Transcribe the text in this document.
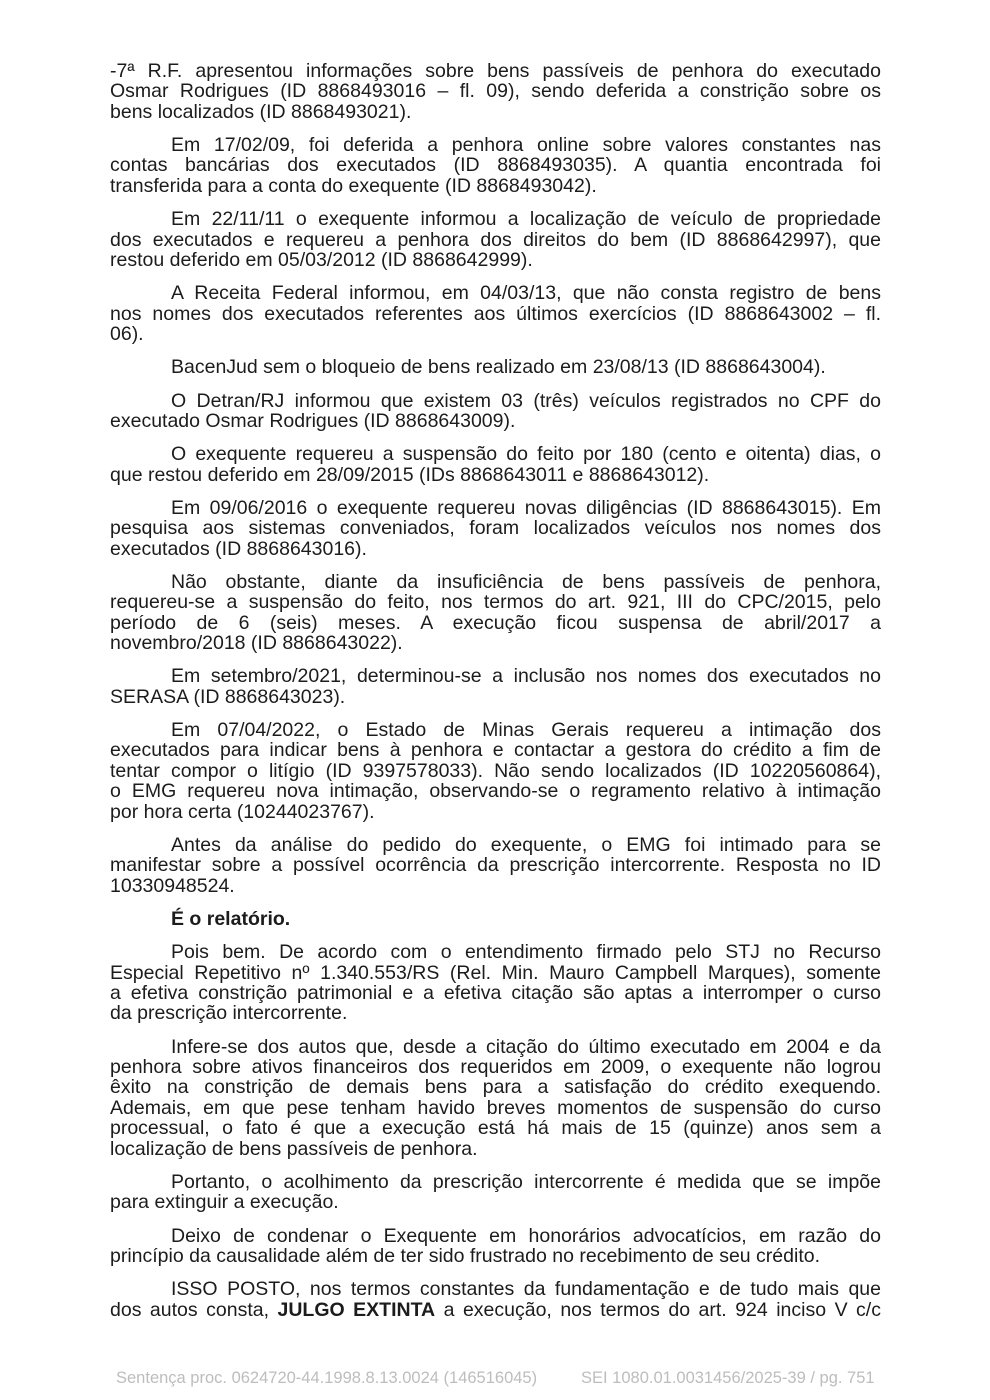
-7ª R.F. apresentou informações sobre bens passíveis de penhora do executado
Osmar Rodrigues (ID 8868493016 – fl. 09), sendo deferida a constrição sobre os
bens localizados (ID 8868493021).
Em 17/02/09, foi deferida a penhora online sobre valores constantes nas
contas bancárias dos executados (ID 8868493035). A quantia encontrada foi
transferida para a conta do exequente (ID 8868493042).
Em 22/11/11 o exequente informou a localização de veículo de propriedade
dos executados e requereu a penhora dos direitos do bem (ID 8868642997), que
restou deferido em 05/03/2012 (ID 8868642999).
A Receita Federal informou, em 04/03/13, que não consta registro de bens
nos nomes dos executados referentes aos últimos exercícios (ID 8868643002 – fl.
06).
BacenJud sem o bloqueio de bens realizado em 23/08/13 (ID 8868643004).
O Detran/RJ informou que existem 03 (três) veículos registrados no CPF do
executado Osmar Rodrigues (ID 8868643009).
O exequente requereu a suspensão do feito por 180 (cento e oitenta) dias, o
que restou deferido em 28/09/2015 (IDs 8868643011 e 8868643012).
Em 09/06/2016 o exequente requereu novas diligências (ID 8868643015). Em
pesquisa aos sistemas conveniados, foram localizados veículos nos nomes dos
executados (ID 8868643016).
Não obstante, diante da insuficiência de bens passíveis de penhora,
requereu-se a suspensão do feito, nos termos do art. 921, III do CPC/2015, pelo
período de 6 (seis) meses. A execução ficou suspensa de abril/2017 a
novembro/2018 (ID 8868643022).
Em setembro/2021, determinou-se a inclusão nos nomes dos executados no
SERASA (ID 8868643023).
Em 07/04/2022, o Estado de Minas Gerais requereu a intimação dos
executados para indicar bens à penhora e contactar a gestora do crédito a fim de
tentar compor o litígio (ID 9397578033). Não sendo localizados (ID 10220560864),
o EMG requereu nova intimação, observando-se o regramento relativo à intimação
por hora certa (10244023767).
Antes da análise do pedido do exequente, o EMG foi intimado para se
manifestar sobre a possível ocorrência da prescrição intercorrente. Resposta no ID
10330948524.
É o relatório.
Pois bem. De acordo com o entendimento firmado pelo STJ no Recurso
Especial Repetitivo nº 1.340.553/RS (Rel. Min. Mauro Campbell Marques), somente
a efetiva constrição patrimonial e a efetiva citação são aptas a interromper o curso
da prescrição intercorrente.
Infere-se dos autos que, desde a citação do último executado em 2004 e da
penhora sobre ativos financeiros dos requeridos em 2009, o exequente não logrou
êxito na constrição de demais bens para a satisfação do crédito exequendo.
Ademais, em que pese tenham havido breves momentos de suspensão do curso
processual, o fato é que a execução está há mais de 15 (quinze) anos sem a
localização de bens passíveis de penhora.
Portanto, o acolhimento da prescrição intercorrente é medida que se impõe
para extinguir a execução.
Deixo de condenar o Exequente em honorários advocatícios, em razão do
princípio da causalidade além de ter sido frustrado no recebimento de seu crédito.
ISSO POSTO, nos termos constantes da fundamentação e de tudo mais que
dos autos consta, JULGO EXTINTA a execução, nos termos do art. 924 inciso V c/c
Sentença proc. 0624720-44.1998.8.13.0024 (146516045)	SEI 1080.01.0031456/2025-39 / pg. 751
